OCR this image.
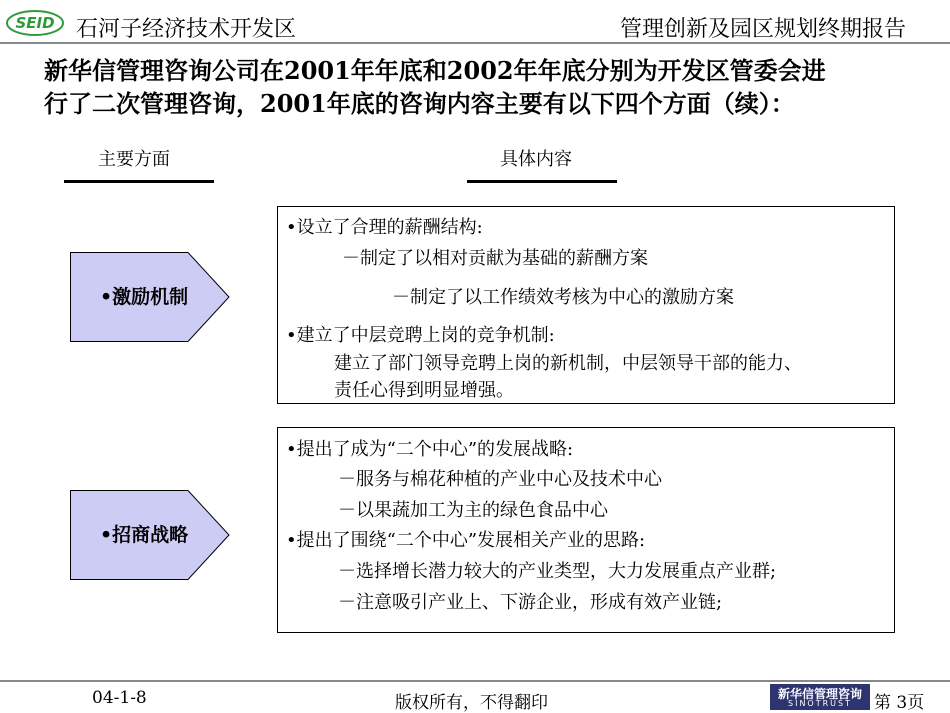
SEID 石河子经济技术开发区	管理创新及园区规划终期报告
新华信管理咨询公司在2001年年底和2002年年底分别为开发区管委会进
行了二次管理咨询，2001年底的咨询内容主要有以下四个方面（续）：
主要方面	具体内容
•激励机制
•设立了合理的薪酬结构:
－制定了以相对贡献为基础的薪酬方案
－制定了以工作绩效考核为中心的激励方案
•建立了中层竞聘上岗的竞争机制:
建立了部门领导竞聘上岗的新机制，中层领导干部的能力、
责任心得到明显增强。
•招商战略
•提出了成为“二个中心”的发展战略:
－服务与棉花种植的产业中心及技术中心
－以果蔬加工为主的绿色食品中心
•提出了围绕“二个中心”发展相关产业的思路:
－选择增长潜力较大的产业类型，大力发展重点产业群;
－注意吸引产业上、下游企业，形成有效产业链;
04-1-8	版权所有，不得翻印	新华信管理咨询
SINOTRUST	第 3页
